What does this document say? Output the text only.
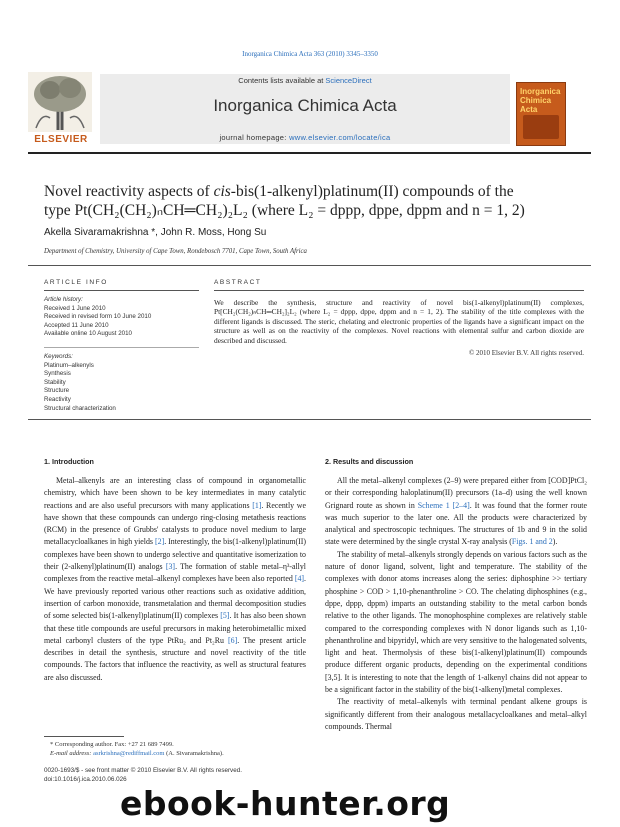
Inorganica Chimica Acta 363 (2010) 3345–3350
ELSEVIER
Contents lists available at ScienceDirect
Inorganica Chimica Acta
journal homepage: www.elsevier.com/locate/ica
Inorganica Chimica Acta
Novel reactivity aspects of cis-bis(1-alkenyl)platinum(II) compounds of the
type Pt(CH₂(CH₂)ₙCH═CH₂)₂L₂ (where L₂ = dppp, dppe, dppm and n = 1, 2)
Akella Sivaramakrishna *, John R. Moss, Hong Su
Department of Chemistry, University of Cape Town, Rondebosch 7701, Cape Town, South Africa
ARTICLE INFO
Article history:
Received 1 June 2010
Received in revised form 10 June 2010
Accepted 11 June 2010
Available online 10 August 2010
Keywords:
Platinum–alkenyls
Synthesis
Stability
Structure
Reactivity
Structural characterization
ABSTRACT
We describe the synthesis, structure and reactivity of novel bis(1-alkenyl)platinum(II) complexes, Pt[CH₂(CH₂)ₙCH═CH₂]₂L₂ (where L₂ = dppp, dppe, dppm and n = 1, 2). The stability of the title complexes with the different ligands is discussed. The steric, chelating and electronic properties of the ligands have a significant impact on the structure as well as on the reactivity of the complexes. Novel reactions with elemental sulfur and carbon dioxide are described and discussed.
© 2010 Elsevier B.V. All rights reserved.
1. Introduction

Metal–alkenyls are an interesting class of compound in organometallic chemistry, which have been shown to be key intermediates in many catalytic reactions and are also useful precursors with many applications [1]. Recently we have shown that these compounds can undergo ring-closing metathesis reactions (RCM) in the presence of Grubbs' catalysts to produce novel medium to large metallacycloalkanes in high yields [2]. Interestingly, the bis(1-alkenyl)platinum(II) complexes have been shown to undergo selective and quantitative isomerization to their (2-alkenyl)platinum(II) analogs [3]. The formation of stable metal–η³-allyl complexes from the reactive metal–alkenyl complexes have been also reported [4]. We have previously reported various other reactions such as oxidative addition, insertion of carbon monoxide, transmetalation and thermal decomposition studies of some selected bis(1-alkenyl)platinum(II) complexes [5]. It has also been shown that these title compounds are useful precursors in making heterobimetallic mixed metal carbonyl clusters of the type PtRu₂ and Pt₂Ru [6]. The present article describes in detail the synthesis, structure and novel reactivity of the title compounds. The factors that influence the reactivity, as well as structural features are also discussed.

2. Results and discussion

All the metal–alkenyl complexes (2–9) were prepared either from [COD]PtCl₂ or their corresponding haloplatinum(II) precursors (1a–d) using the well known Grignard route as shown in Scheme 1 [2–4]. It was found that the former route was much superior to the later one. All the products were characterized by analytical and spectroscopic techniques. The structures of 1b and 9 in the solid state were determined by the single crystal X-ray analysis (Figs. 1 and 2).

The stability of metal–alkenyls strongly depends on various factors such as the nature of donor ligand, solvent, light and temperature. The stability of the complexes with donor atoms increases along the series: diphosphine >> tertiary phosphine > COD > 1,10-phenanthroline > CO. The chelating diphosphines (e.g., dppe, dppp, dppm) imparts an outstanding stability to the metal carbon bonds relative to the other ligands. The monophosphine complexes are relatively stable compared to the corresponding complexes with N donor ligands such as 1,10-phenanthroline and bipyridyl, which are very sensitive to the halogenated solvents, light and heat. Thermolysis of these bis(1-alkenyl)platinum(II) compounds produce different organic products, depending on the experimental conditions [3,5]. It is interesting to note that the length of 1-alkenyl chains did not appear to be a significant factor in the stability of the bis(1-alkenyl)metal complexes.

The reactivity of metal–alkenyls with terminal pendant alkene groups is significantly different from their analogous metallacycloalkanes and metal–alkyl compounds. Thermal

* Corresponding author. Fax: +27 21 689 7499.
E-mail address: asrkrishna@rediffmail.com (A. Sivaramakrishna).
0020-1693/$ - see front matter © 2010 Elsevier B.V. All rights reserved.
doi:10.1016/j.ica.2010.06.026
ebook-hunter.org
